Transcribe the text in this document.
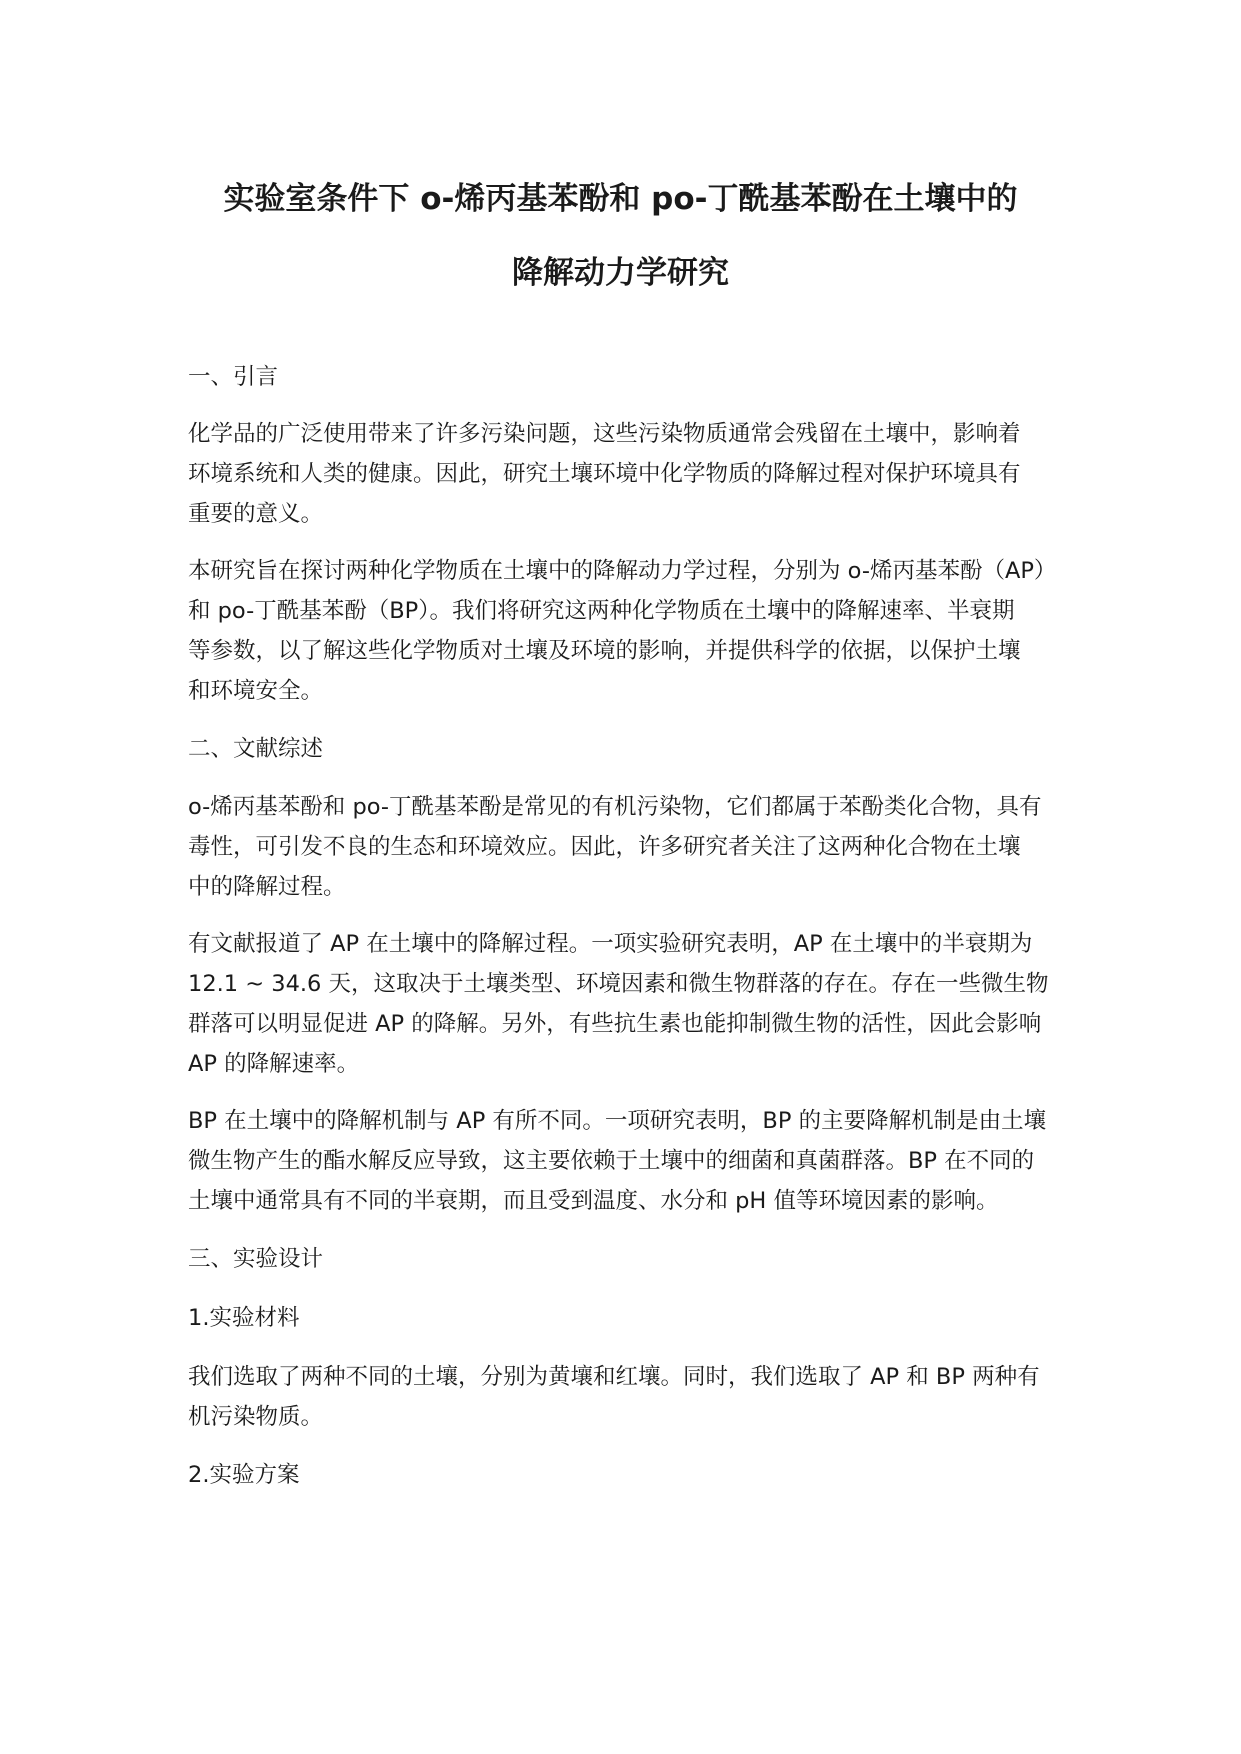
实验室条件下 o-烯丙基苯酚和 po-丁酰基苯酚在土壤中的
降解动力学研究
一、引言
化学品的广泛使用带来了许多污染问题，这些污染物质通常会残留在土壤中，影响着
环境系统和人类的健康。因此，研究土壤环境中化学物质的降解过程对保护环境具有
重要的意义。
本研究旨在探讨两种化学物质在土壤中的降解动力学过程，分别为 o-烯丙基苯酚（AP）
和 po-丁酰基苯酚（BP）。我们将研究这两种化学物质在土壤中的降解速率、半衰期
等参数，以了解这些化学物质对土壤及环境的影响，并提供科学的依据，以保护土壤
和环境安全。
二、文献综述
o-烯丙基苯酚和 po-丁酰基苯酚是常见的有机污染物，它们都属于苯酚类化合物，具有
毒性，可引发不良的生态和环境效应。因此，许多研究者关注了这两种化合物在土壤
中的降解过程。
有文献报道了 AP 在土壤中的降解过程。一项实验研究表明，AP 在土壤中的半衰期为
12.1 ~ 34.6 天，这取决于土壤类型、环境因素和微生物群落的存在。存在一些微生物
群落可以明显促进 AP 的降解。另外，有些抗生素也能抑制微生物的活性，因此会影响
AP 的降解速率。
BP 在土壤中的降解机制与 AP 有所不同。一项研究表明，BP 的主要降解机制是由土壤
微生物产生的酯水解反应导致，这主要依赖于土壤中的细菌和真菌群落。BP 在不同的
土壤中通常具有不同的半衰期，而且受到温度、水分和 pH 值等环境因素的影响。
三、实验设计
1.实验材料
我们选取了两种不同的土壤，分别为黄壤和红壤。同时，我们选取了 AP 和 BP 两种有
机污染物质。
2.实验方案
